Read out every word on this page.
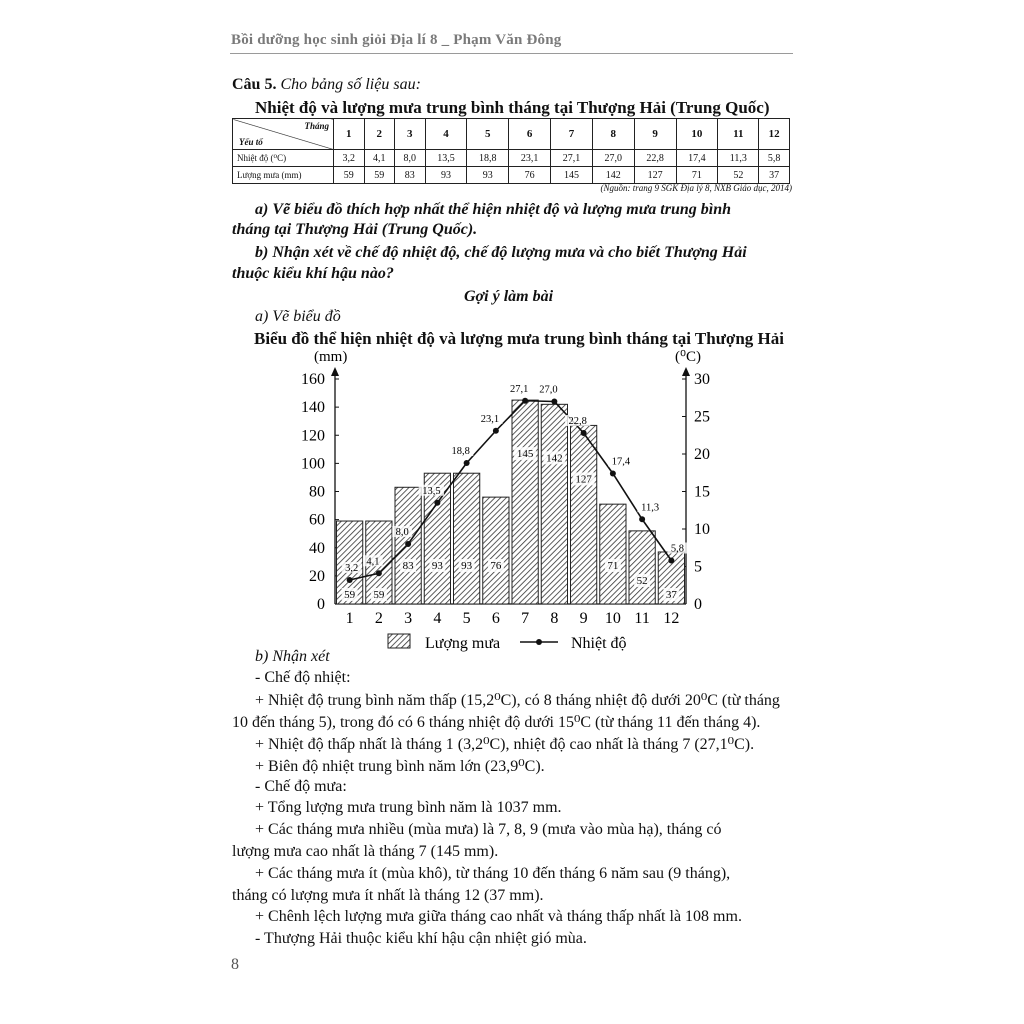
Bồi dưỡng học sinh giỏi Địa lí 8 _ Phạm Văn Đông
Câu 5. Cho bảng số liệu sau:
Nhiệt độ và lượng mưa trung bình tháng tại Thượng Hải (Trung Quốc)
Tháng
Yếu tố	1	2	3	4	5	6	7	8	9	10	11	12
Nhiệt độ (⁰C)	3,2	4,1	8,0	13,5	18,8	23,1	27,1	27,0	22,8	17,4	11,3	5,8
Lượng mưa (mm)	59	59	83	93	93	76	145	142	127	71	52	37
(Nguồn: trang 9 SGK Địa lý 8, NXB Giáo dục, 2014)
a) Vẽ biểu đồ thích hợp nhất thể hiện nhiệt độ và lượng mưa trung bình
tháng tại Thượng Hải (Trung Quốc).
b) Nhận xét về chế độ nhiệt độ, chế độ lượng mưa và cho biết Thượng Hải
thuộc kiểu khí hậu nào?
Gợi ý làm bài
a) Vẽ biểu đồ
Biểu đồ thể hiện nhiệt độ và lượng mưa trung bình tháng tại Thượng Hải
0
20
40
60
80
100
120
140
160
0
5
10
15
20
25
30
59 59
83 93 93 76
145 142
127
71
52
37
1 2 3 4 5 6 7 8 9 10 11 12
3,2
4,1
8,0
13,5
18,8
23,1
27,1 27,0
22,8
17,4
11,3
5,8
(mm)	(⁰C)
Lượng mưa	Nhiệt độ
b) Nhận xét
- Chế độ nhiệt:
+ Nhiệt độ trung bình năm thấp (15,2⁰C), có 8 tháng nhiệt độ dưới 20⁰C (từ tháng
10 đến tháng 5), trong đó có 6 tháng nhiệt độ dưới 15⁰C (từ tháng 11 đến tháng 4).
+ Nhiệt độ thấp nhất là tháng 1 (3,2⁰C), nhiệt độ cao nhất là tháng 7 (27,1⁰C).
+ Biên độ nhiệt trung bình năm lớn (23,9⁰C).
- Chế độ mưa:
+ Tổng lượng mưa trung bình năm là 1037 mm.
+ Các tháng mưa nhiều (mùa mưa) là 7, 8, 9 (mưa vào mùa hạ), tháng có
lượng mưa cao nhất là tháng 7 (145 mm).
+ Các tháng mưa ít (mùa khô), từ tháng 10 đến tháng 6 năm sau (9 tháng),
tháng có lượng mưa ít nhất là tháng 12 (37 mm).
+ Chênh lệch lượng mưa giữa tháng cao nhất và tháng thấp nhất là 108 mm.
- Thượng Hải thuộc kiểu khí hậu cận nhiệt gió mùa.
8
